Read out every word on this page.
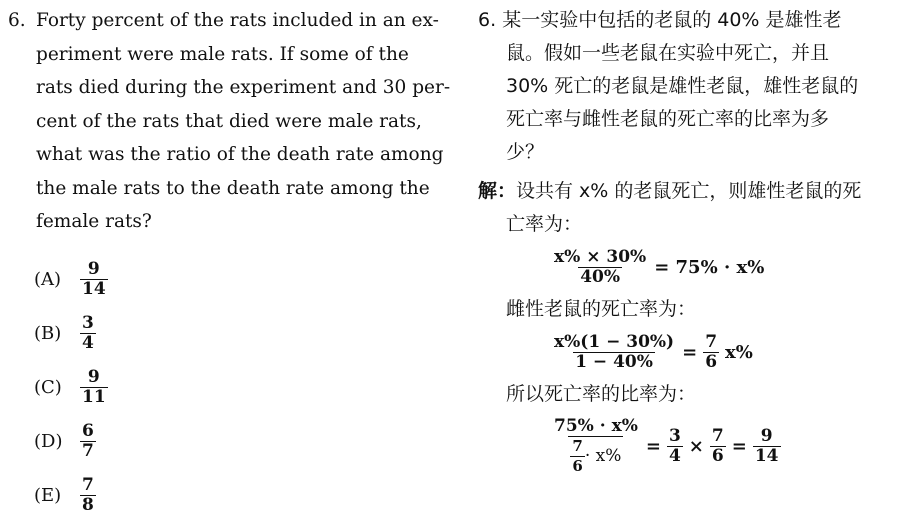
6. Forty percent of the rats included in an ex-
periment were male rats. If some of the
rats died during the experiment and 30 per-
cent of the rats that died were male rats,
what was the ratio of the death rate among
the male rats to the death rate among the
female rats?
(A)	$\frac{9}{14}$
(B)	$\frac{3}{4}$
(C)	$\frac{9}{11}$
(D)	$\frac{6}{7}$
(E)	$\frac{7}{8}$
6. 某一实验中包括的老鼠的 40% 是雄性老
鼠。假如一些老鼠在实验中死亡，并且
30% 死亡的老鼠是雄性老鼠，雄性老鼠的
死亡率与雌性老鼠的死亡率的比率为多
少？
解：设共有 x% 的老鼠死亡，则雄性老鼠的死
亡率为：
$\frac{x\% \times 30\%}{40\%} = 75\% \cdot x\%$
雌性老鼠的死亡率为：
$\frac{x\%(1 - 30\%)}{1 - 40\%} = \frac{7}{6} x\%$
所以死亡率的比率为：
$\frac{75\% \cdot x\%}{\frac{7}{6} \cdot x\%} = \frac{3}{4} \times \frac{7}{6} = \frac{9}{14}$
